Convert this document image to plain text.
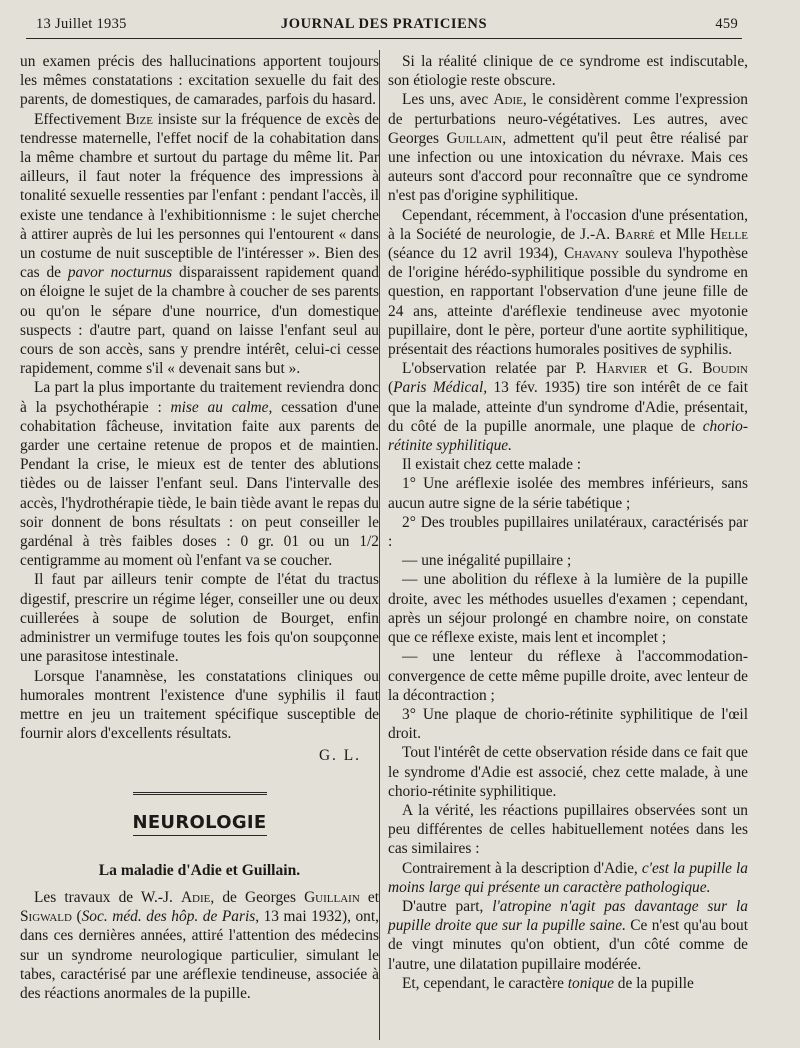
13 Juillet 1935	JOURNAL DES PRATICIENS	459

un examen précis des hallucinations apportent toujours les mêmes constatations : excitation sexuelle du fait des parents, de domestiques, de camarades, parfois du hasard.

Effectivement Bize insiste sur la fréquence de excès de tendresse maternelle, l'effet nocif de la cohabitation dans la même chambre et surtout du partage du même lit. Par ailleurs, il faut noter la fréquence des impressions à tonalité sexuelle ressenties par l'enfant : pendant l'accès, il existe une tendance à l'exhibitionnisme : le sujet cherche à attirer auprès de lui les personnes qui l'entourent « dans un costume de nuit susceptible de l'intéresser ». Bien des cas de pavor nocturnus disparaissent rapidement quand on éloigne le sujet de la chambre à coucher de ses parents ou qu'on le sépare d'une nourrice, d'un domestique suspects : d'autre part, quand on laisse l'enfant seul au cours de son accès, sans y prendre intérêt, celui-ci cesse rapidement, comme s'il « devenait sans but ».

La part la plus importante du traitement reviendra donc à la psychothérapie : mise au calme, cessation d'une cohabitation fâcheuse, invitation faite aux parents de garder une certaine retenue de propos et de maintien. Pendant la crise, le mieux est de tenter des ablutions tièdes ou de laisser l'enfant seul. Dans l'intervalle des accès, l'hydrothérapie tiède, le bain tiède avant le repas du soir donnent de bons résultats : on peut conseiller le gardénal à très faibles doses : 0 gr. 01 ou un 1/2 centigramme au moment où l'enfant va se coucher.

Il faut par ailleurs tenir compte de l'état du tractus digestif, prescrire un régime léger, conseiller une ou deux cuillerées à soupe de solution de Bourget, enfin administrer un vermifuge toutes les fois qu'on soupçonne une parasitose intestinale.

Lorsque l'anamnèse, les constatations cliniques ou humorales montrent l'existence d'une syphilis il faut mettre en jeu un traitement spécifique susceptible de fournir alors d'excellents résultats.

G. L.
NEUROLOGIE
La maladie d'Adie et Guillain.

Les travaux de W.-J. Adie, de Georges Guillain et Sigwald (Soc. méd. des hôp. de Paris, 13 mai 1932), ont, dans ces dernières années, attiré l'attention des médecins sur un syndrome neurologique particulier, simulant le tabes, caractérisé par une aréflexie tendineuse, associée à des réactions anormales de la pupille.

Si la réalité clinique de ce syndrome est indiscutable, son étiologie reste obscure.

Les uns, avec Adie, le considèrent comme l'expression de perturbations neuro-végétatives. Les autres, avec Georges Guillain, admettent qu'il peut être réalisé par une infection ou une intoxication du névraxe. Mais ces auteurs sont d'accord pour reconnaître que ce syndrome n'est pas d'origine syphilitique.

Cependant, récemment, à l'occasion d'une présentation, à la Société de neurologie, de J.-A. Barré et Mlle Helle (séance du 12 avril 1934), Chavany souleva l'hypothèse de l'origine hérédo-syphilitique possible du syndrome en question, en rapportant l'observation d'une jeune fille de 24 ans, atteinte d'aréflexie tendineuse avec myotonie pupillaire, dont le père, porteur d'une aortite syphilitique, présentait des réactions humorales positives de syphilis.

L'observation relatée par P. Harvier et G. Boudin (Paris Médical, 13 fév. 1935) tire son intérêt de ce fait que la malade, atteinte d'un syndrome d'Adie, présentait, du côté de la pupille anormale, une plaque de chorio-rétinite syphilitique.

Il existait chez cette malade :

1° Une aréflexie isolée des membres inférieurs, sans aucun autre signe de la série tabétique ;

2° Des troubles pupillaires unilatéraux, caractérisés par :

— une inégalité pupillaire ;

— une abolition du réflexe à la lumière de la pupille droite, avec les méthodes usuelles d'examen ; cependant, après un séjour prolongé en chambre noire, on constate que ce réflexe existe, mais lent et incomplet ;

— une lenteur du réflexe à l'accommodation-convergence de cette même pupille droite, avec lenteur de la décontraction ;

3° Une plaque de chorio-rétinite syphilitique de l'œil droit.

Tout l'intérêt de cette observation réside dans ce fait que le syndrome d'Adie est associé, chez cette malade, à une chorio-rétinite syphilitique.

A la vérité, les réactions pupillaires observées sont un peu différentes de celles habituellement notées dans les cas similaires :

Contrairement à la description d'Adie, c'est la pupille la moins large qui présente un caractère pathologique.

D'autre part, l'atropine n'agit pas davantage sur la pupille droite que sur la pupille saine. Ce n'est qu'au bout de vingt minutes qu'on obtient, d'un côté comme de l'autre, une dilatation pupillaire modérée.

Et, cependant, le caractère tonique de la pupille
